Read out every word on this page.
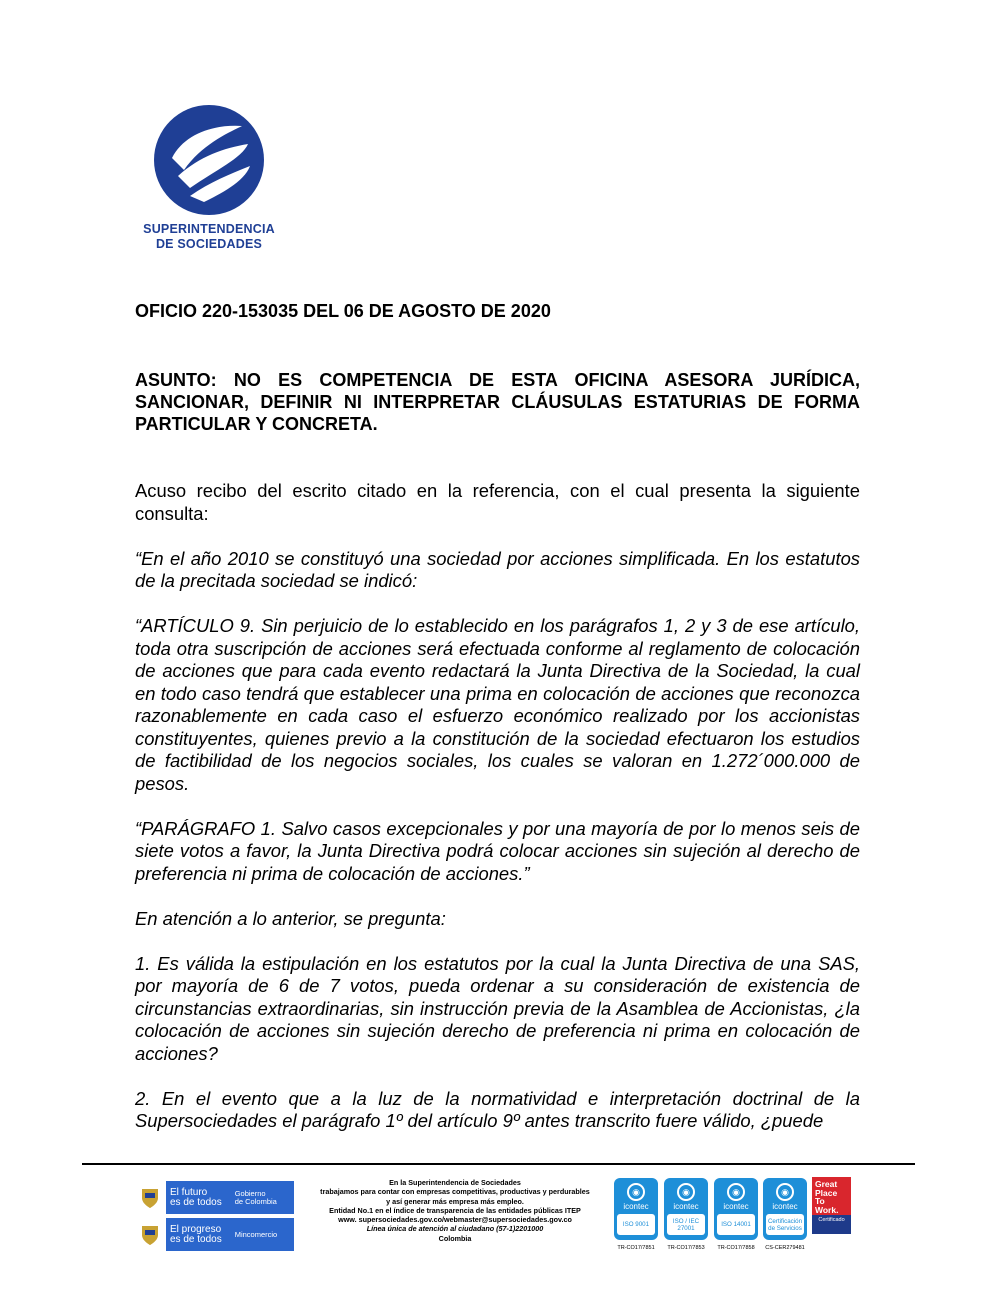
SUPERINTENDENCIA
DE SOCIEDADES
OFICIO 220-153035 DEL 06 DE AGOSTO DE 2020
ASUNTO: NO ES COMPETENCIA DE ESTA OFICINA ASESORA JURÍDICA, SANCIONAR, DEFINIR NI INTERPRETAR CLÁUSULAS ESTATURIAS DE FORMA PARTICULAR Y CONCRETA.

Acuso recibo del escrito citado en la referencia, con el cual presenta la siguiente consulta:

“En el año 2010 se constituyó una sociedad por acciones simplificada. En los estatutos de la precitada sociedad se indicó:

“ARTÍCULO 9. Sin perjuicio de lo establecido en los parágrafos 1, 2 y 3 de ese artículo, toda otra suscripción de acciones será efectuada conforme al reglamento de colocación de acciones que para cada evento redactará la Junta Directiva de la Sociedad, la cual en todo caso tendrá que establecer una prima en colocación de acciones que reconozca razonablemente en cada caso el esfuerzo económico realizado por los accionistas constituyentes, quienes previo a la constitución de la sociedad efectuaron los estudios de factibilidad de los negocios sociales, los cuales se valoran en 1.272´000.000 de pesos.

“PARÁGRAFO 1. Salvo casos excepcionales y por una mayoría de por lo menos seis de siete votos a favor, la Junta Directiva podrá colocar acciones sin sujeción al derecho de preferencia ni prima de colocación de acciones.”

En atención a lo anterior, se pregunta:

1. Es válida la estipulación en los estatutos por la cual la Junta Directiva de una SAS, por mayoría de 6 de 7 votos, pueda ordenar a su consideración de existencia de circunstancias extraordinarias, sin instrucción previa de la Asamblea de Accionistas, ¿la colocación de acciones sin sujeción derecho de preferencia ni prima en colocación de acciones?

2. En el evento que a la luz de la normatividad e interpretación doctrinal de la Supersociedades el parágrafo 1º del artículo 9º antes transcrito fuere válido, ¿puede

El futuro
es de todos
Gobierno
de Colombia
El progreso
es de todos Mincomercio
En la Superintendencia de Sociedades
trabajamos para contar con empresas competitivas, productivas y perdurables
y así generar más empresa más empleo.
Entidad No.1 en el índice de transparencia de las entidades públicas ITEP
www. supersociedades.gov.co/webmaster@supersociedades.gov.co
Línea única de atención al ciudadano (57-1)2201000
Colombia
◉
icontec
ISO 9001
TR-CO17/7851
◉
icontec
ISO / IEC 27001
TR-CO17/7853
◉
icontec
ISO 14001
TR-CO17/7858
◉
icontec
Certificación de Servicios
CS-CER279481
Great
Place
To
Work.
Certificado
